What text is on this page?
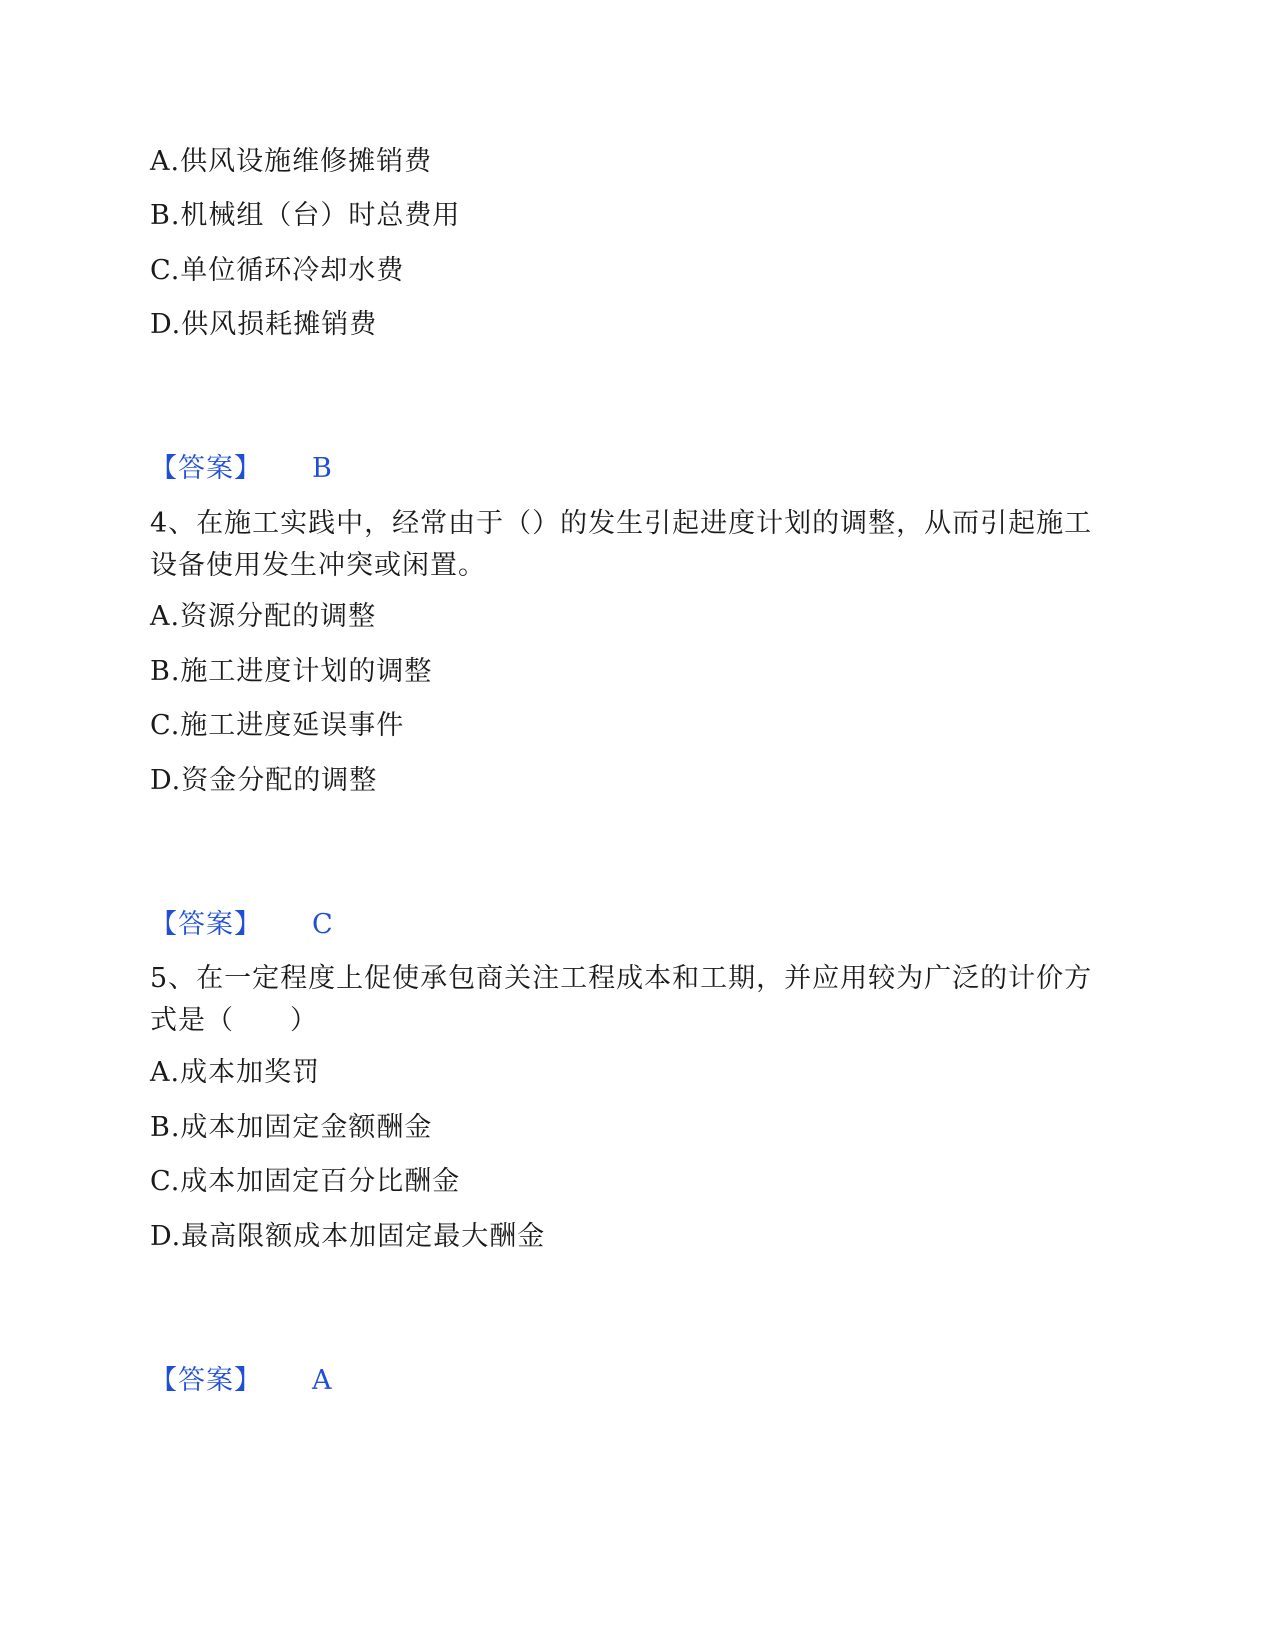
A.供风设施维修摊销费
B.机械组（台）时总费用
C.单位循环冷却水费
D.供风损耗摊销费
【答案】 B
4、在施工实践中，经常由于（）的发生引起进度计划的调整，从而引起施工设备使用发生冲突或闲置。
A.资源分配的调整
B.施工进度计划的调整
C.施工进度延误事件
D.资金分配的调整
【答案】 C
5、在一定程度上促使承包商关注工程成本和工期，并应用较为广泛的计价方式是（　　）
A.成本加奖罚
B.成本加固定金额酬金
C.成本加固定百分比酬金
D.最高限额成本加固定最大酬金
【答案】 A
